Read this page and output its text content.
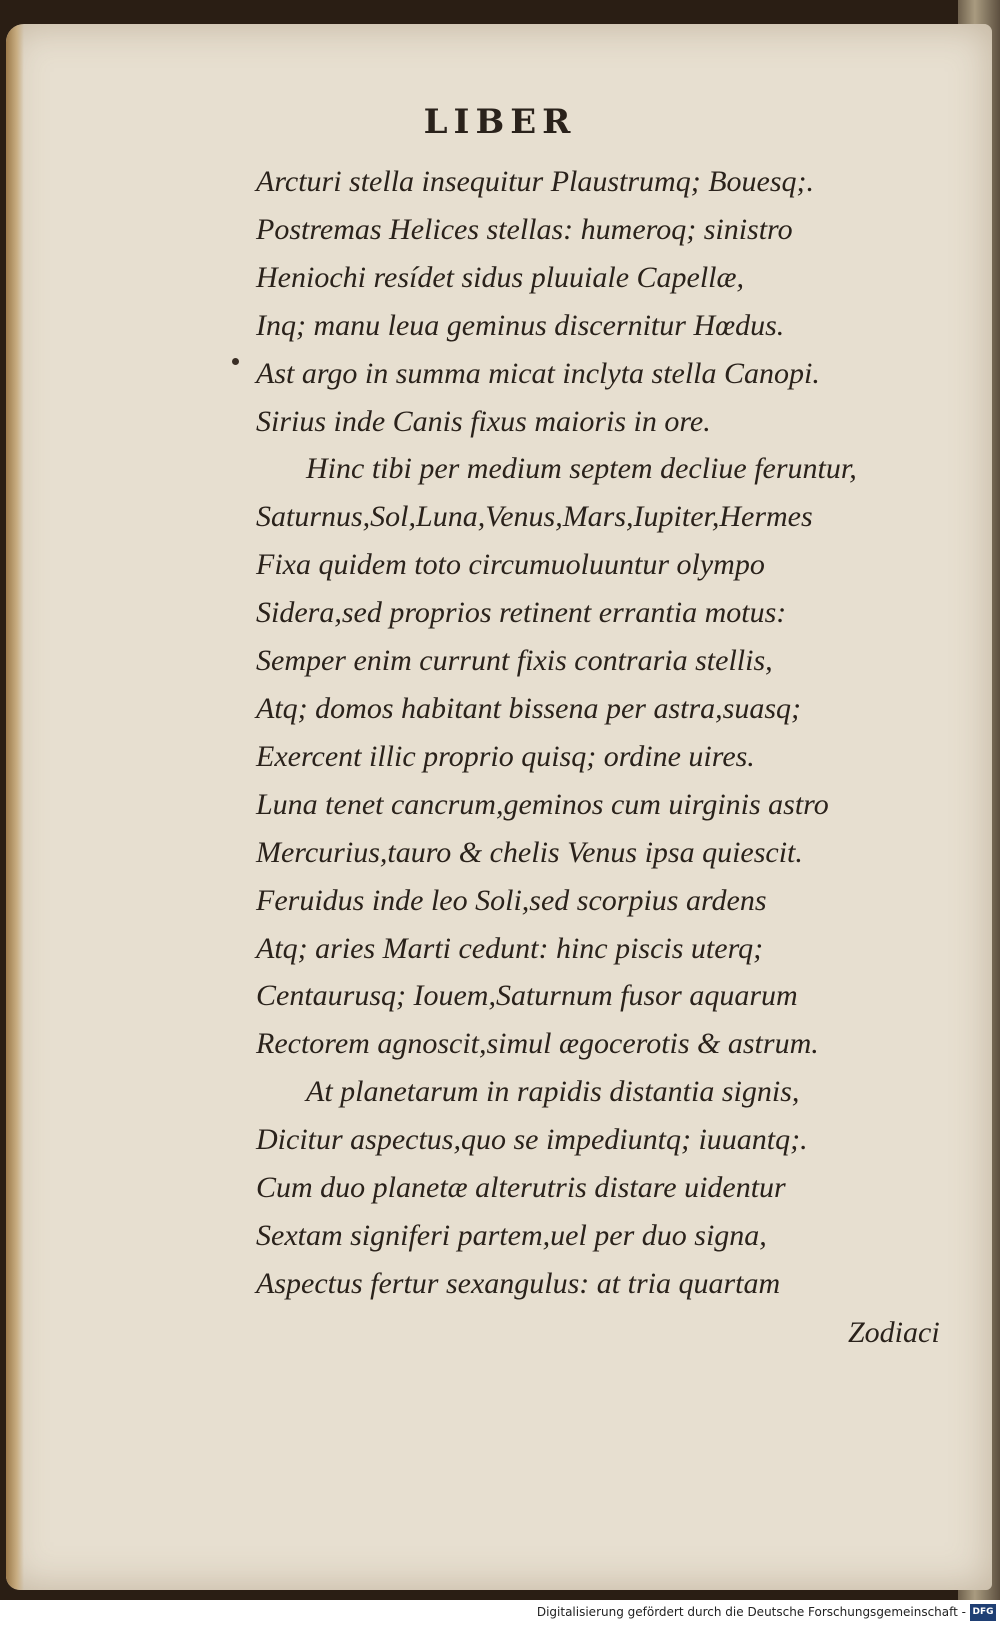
LIBER
Arcturi stella insequitur Plaustrumq; Bouesq;.
Postremas Helices stellas: humeroq; sinistro
Heniochi resídet sidus pluuiale Capellæ,
Inq; manu leua geminus discernitur Hœdus.
Ast argo in summa micat inclyta stella Canopi.
Sirius inde Canis fixus maioris in ore.
Hinc tibi per medium septem decliue feruntur,
Saturnus,Sol,Luna,Venus,Mars,Iupiter,Hermes
Fixa quidem toto circumuoluuntur olympo
Sidera,sed proprios retinent errantia motus:
Semper enim currunt fixis contraria stellis,
Atq; domos habitant bissena per astra,suasq;
Exercent illic proprio quisq; ordine uires.
Luna tenet cancrum,geminos cum uirginis astro
Mercurius,tauro & chelis Venus ipsa quiescit.
Feruidus inde leo Soli,sed scorpius ardens
Atq; aries Marti cedunt: hinc piscis uterq;
Centaurusq; Iouem,Saturnum fusor aquarum
Rectorem agnoscit,simul ægocerotis & astrum.
At planetarum in rapidis distantia signis,
Dicitur aspectus,quo se impediuntq; iuuantq;.
Cum duo planetæ alterutris distare uidentur
Sextam signiferi partem,uel per duo signa,
Aspectus fertur sexangulus: at tria quartam
Zodiaci
Digitalisierung gefördert durch die Deutsche Forschungsgemeinschaft - DFG
